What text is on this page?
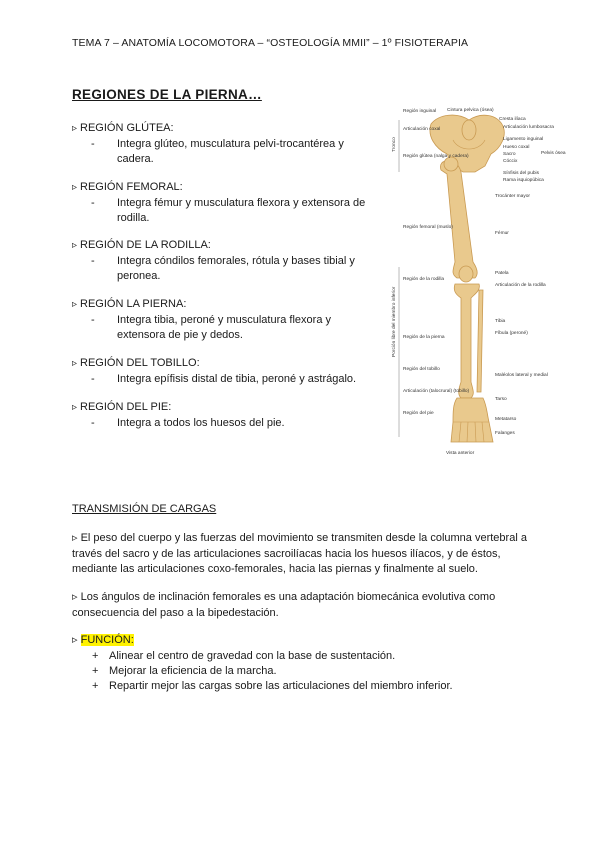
TEMA 7 – ANATOMÍA LOCOMOTORA – “OSTEOLOGÍA MMII” – 1º FISIOTERAPIA
REGIONES DE LA PIERNA…
▹ REGIÓN GLÚTEA:
-	Integra glúteo, musculatura pelvi-trocantérea y cadera.
▹ REGIÓN FEMORAL:
-	Integra fémur y musculatura flexora y extensora de rodilla.
▹ REGIÓN DE LA RODILLA:
-	Integra cóndilos femorales, rótula y bases tibial y peronea.
▹ REGIÓN LA PIERNA:
-	Integra tibia, peroné y musculatura flexora y extensora de pie y dedos.
▹ REGIÓN DEL TOBILLO:
-	Integra epífisis distal de tibia, peroné y astrágalo.
▹ REGIÓN DEL PIE:
-	Integra a todos los huesos del pie.
Tronco
Porción libre del miembro inferior
Cintura pelvica (ósea)
Región inguinal
Articulación coxal
Región glútea (nalga y cadera)
Región femoral (muslo)
Región de la rodilla
Región de la pierna
Región del tobillo
Articulación (talocrural) (tobillo)
Región del pie
Cresta ilíaca
Articulación lumbosacra
Ligamento inguinal
Hueso coxal
Sacro
Cóccix
Sínfisis del pubis
Rama isquiopúbica
Trocánter mayor
Fémur
Patela
Articulación de la rodilla
Tibia
Fíbula (peroné)
Maléolos lateral y medial
Tarso
Metatarso
Falanges
Pelvis ósea
Vista anterior
TRANSMISIÓN DE CARGAS
▹ El peso del cuerpo y las fuerzas del movimiento se transmiten desde la columna vertebral a través del sacro y de las articulaciones sacroilíacas hacia los huesos ilíacos, y de éstos, mediante las articulaciones coxo-femorales, hacia las piernas y finalmente al suelo.
▹ Los ángulos de inclinación femorales es una adaptación biomecánica evolutiva como consecuencia del paso a la bipedestación.
▹ FUNCIÓN:
+ Alinear el centro de gravedad con la base de sustentación.
+ Mejorar la eficiencia de la marcha.
+ Repartir mejor las cargas sobre las articulaciones del miembro inferior.
